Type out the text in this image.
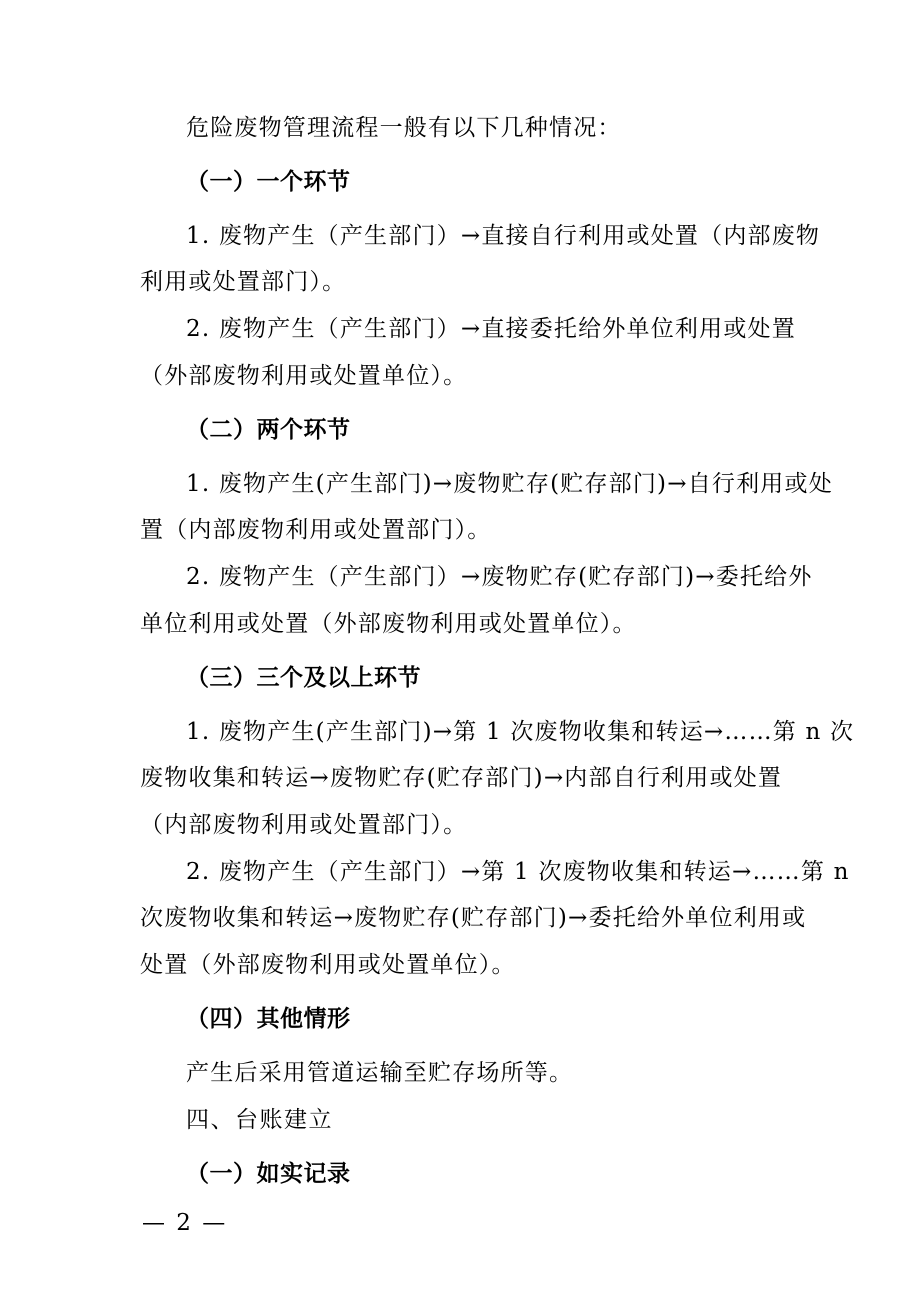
危险废物管理流程一般有以下几种情况：

（一）一个环节

1. 废物产生（产生部门）→直接自行利用或处置（内部废物

利用或处置部门）。

2. 废物产生（产生部门）→直接委托给外单位利用或处置

（外部废物利用或处置单位）。

（二）两个环节

1. 废物产生(产生部门)→废物贮存(贮存部门)→自行利用或处

置（内部废物利用或处置部门）。

2. 废物产生（产生部门）→废物贮存(贮存部门)→委托给外

单位利用或处置（外部废物利用或处置单位）。

（三）三个及以上环节

1. 废物产生(产生部门)→第 1 次废物收集和转运→……第 n 次

废物收集和转运→废物贮存(贮存部门)→内部自行利用或处置

（内部废物利用或处置部门）。

2. 废物产生（产生部门）→第 1 次废物收集和转运→……第 n

次废物收集和转运→废物贮存(贮存部门)→委托给外单位利用或

处置（外部废物利用或处置单位）。

（四）其他情形

产生后采用管道运输至贮存场所等。

四、台账建立

（一）如实记录

— 2 —
